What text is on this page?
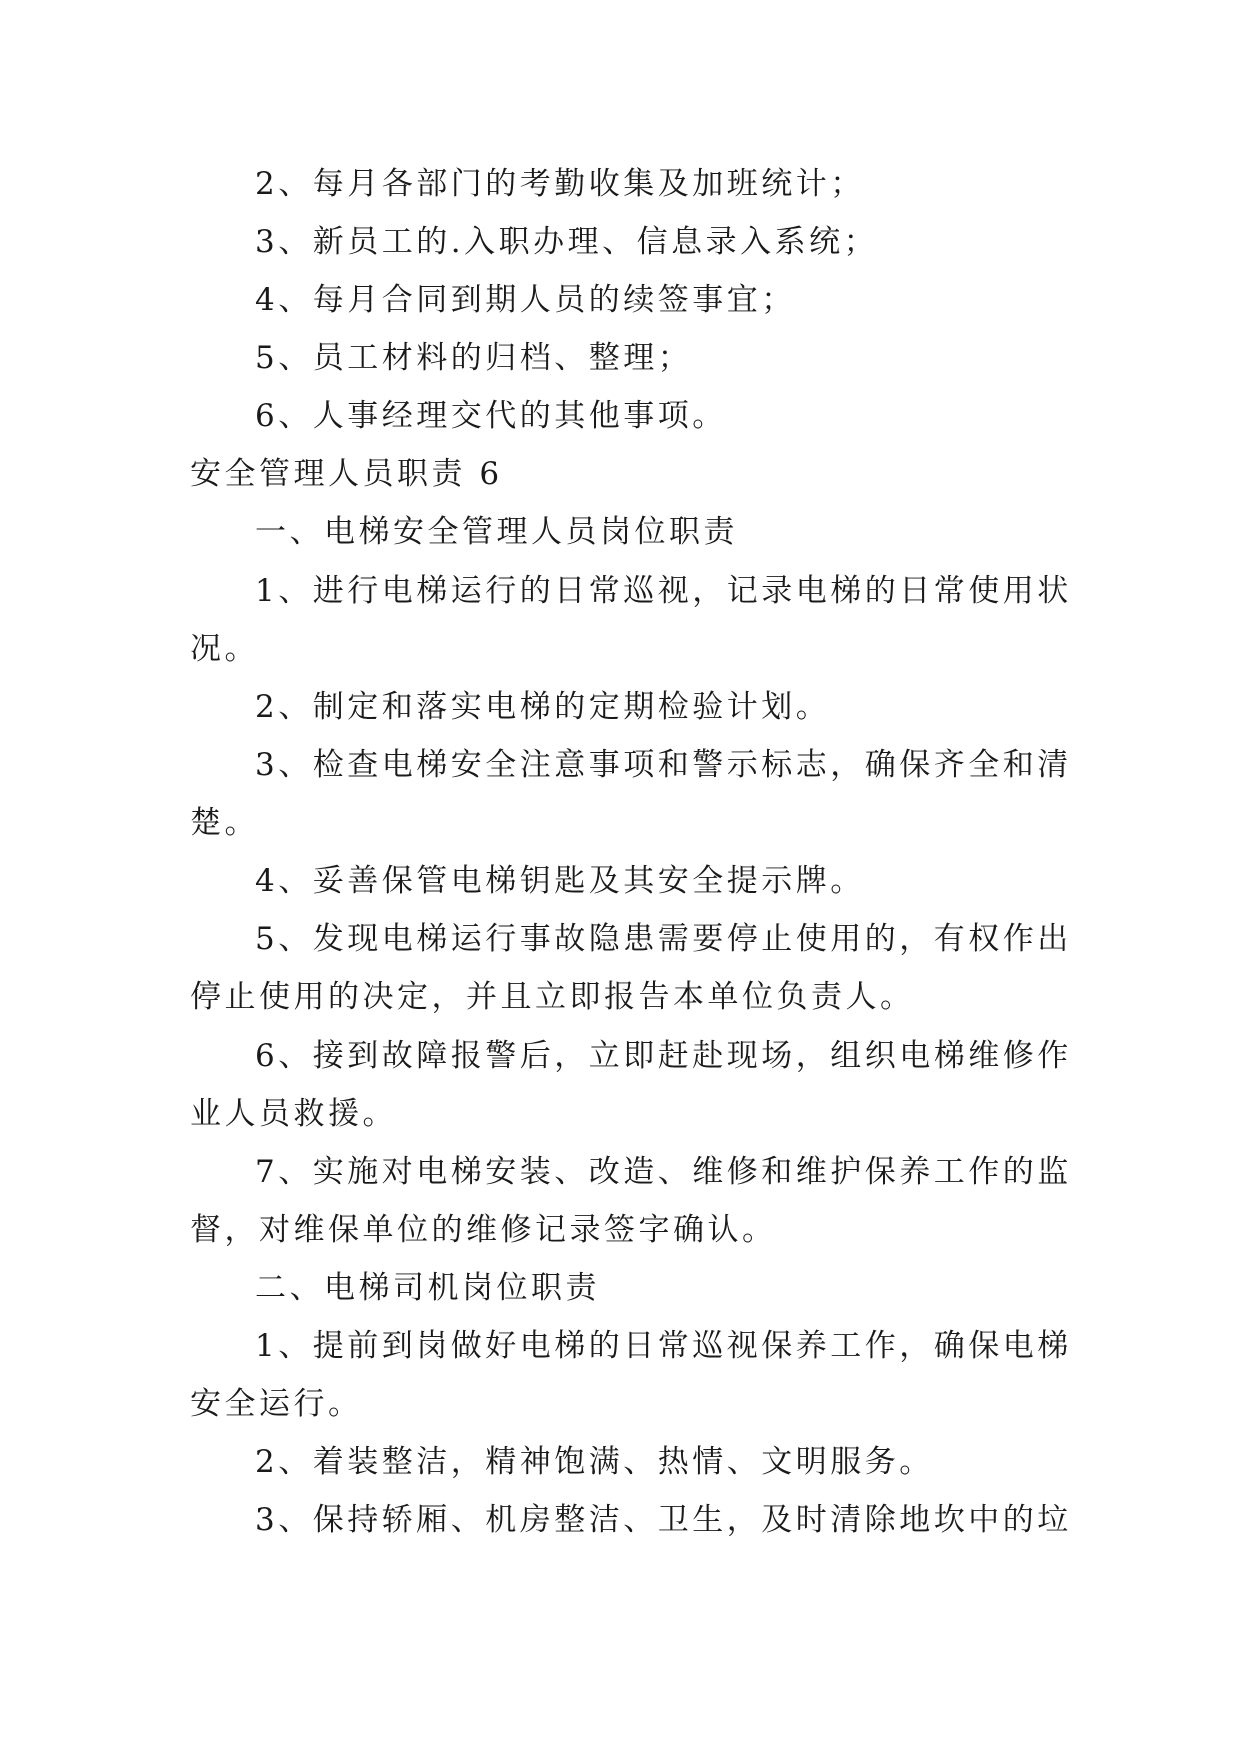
2、每月各部门的考勤收集及加班统计；
3、新员工的.入职办理、信息录入系统；
4、每月合同到期人员的续签事宜；
5、员工材料的归档、整理；
6、人事经理交代的其他事项。
安全管理人员职责 6
一、电梯安全管理人员岗位职责
1、进行电梯运行的日常巡视，记录电梯的日常使用状
况。
2、制定和落实电梯的定期检验计划。
3、检查电梯安全注意事项和警示标志，确保齐全和清
楚。
4、妥善保管电梯钥匙及其安全提示牌。
5、发现电梯运行事故隐患需要停止使用的，有权作出
停止使用的决定，并且立即报告本单位负责人。
6、接到故障报警后，立即赶赴现场，组织电梯维修作
业人员救援。
7、实施对电梯安装、改造、维修和维护保养工作的监
督，对维保单位的维修记录签字确认。
二、电梯司机岗位职责
1、提前到岗做好电梯的日常巡视保养工作，确保电梯
安全运行。
2、着装整洁，精神饱满、热情、文明服务。
3、保持轿厢、机房整洁、卫生，及时清除地坎中的垃
